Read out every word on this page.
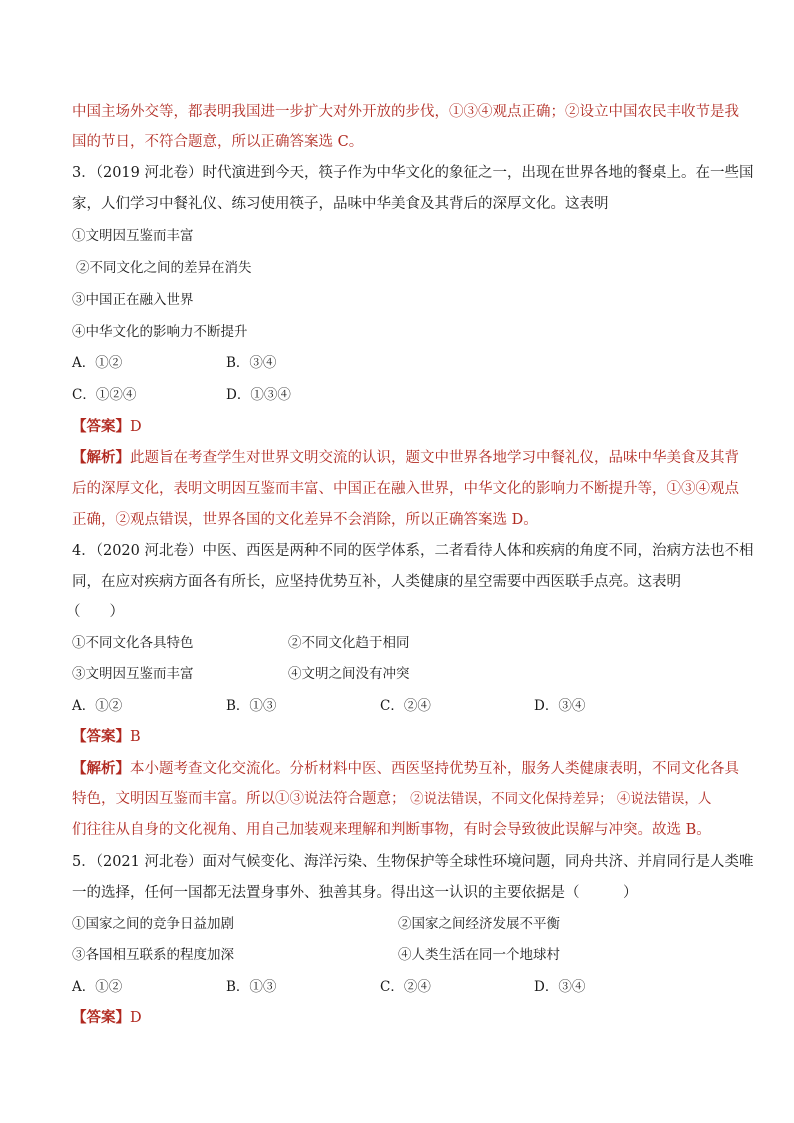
中国主场外交等，都表明我国进一步扩大对外开放的步伐，①③④观点正确；②设立中国农民丰收节是我
国的节日，不符合题意，所以正确答案选 C。
3．（2019 河北卷）时代演进到今天，筷子作为中华文化的象征之一，出现在世界各地的餐桌上。在一些国
家，人们学习中餐礼仪、练习使用筷子，品味中华美食及其背后的深厚文化。这表明
①文明因互鉴而丰富
②不同文化之间的差异在消失
③中国正在融入世界
④中华文化的影响力不断提升
A．①②	B．③④
C．①②④	D．①③④
【答案】D
【解析】此题旨在考查学生对世界文明交流的认识，题文中世界各地学习中餐礼仪，品味中华美食及其背
后的深厚文化，表明文明因互鉴而丰富、中国正在融入世界，中华文化的影响力不断提升等，①③④观点
正确，②观点错误，世界各国的文化差异不会消除，所以正确答案选 D。
4．（2020 河北卷）中医、西医是两种不同的医学体系，二者看待人体和疾病的角度不同，治病方法也不相
同，在应对疾病方面各有所长，应坚持优势互补，人类健康的星空需要中西医联手点亮。这表明
（　　）
①不同文化各具特色	②不同文化趋于相同
③文明因互鉴而丰富	④文明之间没有冲突
A．①②	B．①③	C．②④	D．③④
【答案】B
【解析】本小题考查文化交流化。分析材料中医、西医坚持优势互补，服务人类健康表明，不同文化各具
特色，文明因互鉴而丰富。所以①③说法符合题意； ②说法错误，不同文化保持差异； ④说法错误，人
们往往从自身的文化视角、用自己加装观来理解和判断事物，有时会导致彼此误解与冲突。故选 B。
5．（2021 河北卷）面对气候变化、海洋污染、生物保护等全球性环境问题，同舟共济、并肩同行是人类唯
一的选择，任何一国都无法置身事外、独善其身。得出这一认识的主要依据是（　　　）
①国家之间的竞争日益加剧	②国家之间经济发展不平衡
③各国相互联系的程度加深	④人类生活在同一个地球村
A．①②	B．①③	C．②④	D．③④
【答案】D
